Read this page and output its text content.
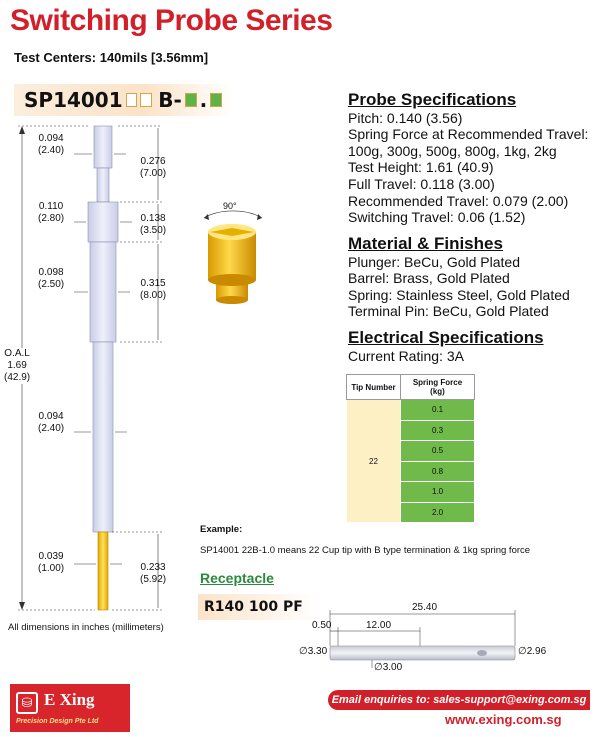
Switching Probe Series
Test Centers: 140mils [3.56mm]
SP14001 B- .
0.094
(2.40)
0.276
(7.00)
0.110
(2.80)	0.138
(3.50)
0.098
(2.50)	0.315
(8.00)
O.A.L
1.69
(42.9)
0.094
(2.40)
0.039
(1.00)	0.233
(5.92)
All dimensions in inches (millimeters)
90°
Probe Specifications
Pitch: 0.140 (3.56)
Spring Force at Recommended Travel:
100g, 300g, 500g, 800g, 1kg, 2kg
Test Height: 1.61 (40.9)
Full Travel: 0.118 (3.00)
Recommended Travel: 0.079 (2.00)
Switching Travel: 0.06 (1.52)
Material & Finishes
Plunger: BeCu, Gold Plated
Barrel: Brass, Gold Plated
Spring: Stainless Steel, Gold Plated
Terminal Pin: BeCu, Gold Plated
Electrical Specifications
Current Rating: 3A
Tip Number	Spring Force (kg)
22	0.1
	0.3
	0.5
	0.8
	1.0
	2.0
Example:
SP14001 22B-1.0 means 22 Cup tip with B type termination & 1kg spring force
Receptacle
R140 100 PF	25.40
0.50	12.00
∅3.30	∅2.96
∅3.00
⛁ E Xing
Precision Design Pte Ltd
Email enquiries to: sales-support@exing.com.sg
www.exing.com.sg
